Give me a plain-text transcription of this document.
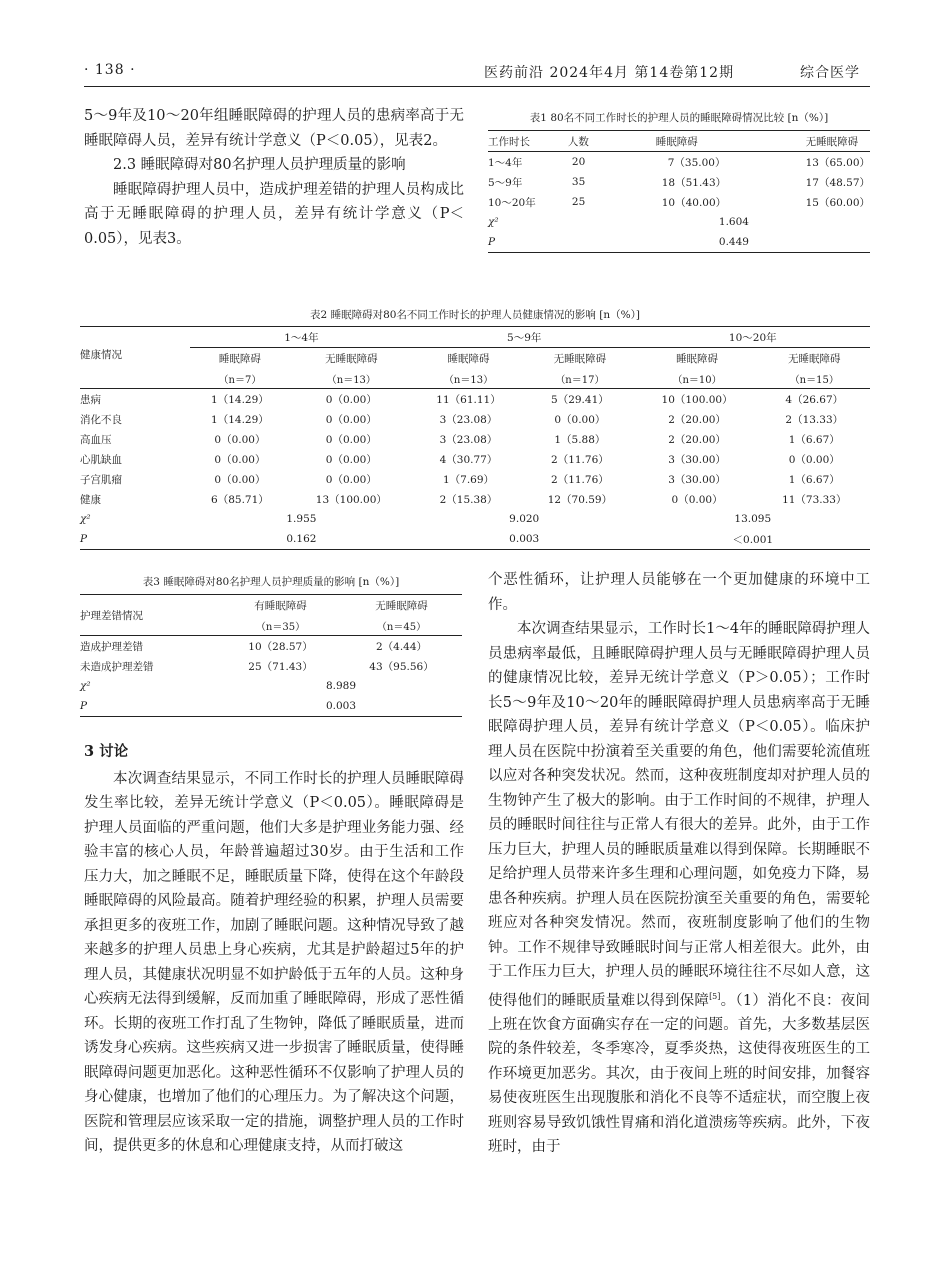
· 138 ·	医药前沿 2024年4月 第14卷第12期	综合医学

5～9年及10～20年组睡眠障碍的护理人员的患病率高于无睡眠障碍人员，差异有统计学意义（P＜0.05），见表2。

2.3 睡眠障碍对80名护理人员护理质量的影响

睡眠障碍护理人员中，造成护理差错的护理人员构成比高于无睡眠障碍的护理人员，差异有统计学意义（P＜0.05），见表3。

表1 80名不同工作时长的护理人员的睡眠障碍情况比较 [n（%）]
工作时长	人数	睡眠障碍	无睡眠障碍
1～4年	20	7（35.00）	13（65.00）
5～9年	35	18（51.43）	17（48.57）
10～20年	25	10（40.00）	15（60.00）
χ²	1.604		
P	0.449		
表2 睡眠障碍对80名不同工作时长的护理人员健康情况的影响 [n（%）]
健康情况	1～4年		5～9年		10～20年	
	睡眠障碍	无睡眠障碍	睡眠障碍	无睡眠障碍	睡眠障碍	无睡眠障碍
	（n＝7）	（n＝13）	（n＝13）	（n＝17）	（n＝10）	（n＝15）
患病	1（14.29）	0（0.00）	11（61.11）	5（29.41）	10（100.00）	4（26.67）
消化不良	1（14.29）	0（0.00）	3（23.08）	0（0.00）	2（20.00）	2（13.33）
高血压	0（0.00）	0（0.00）	3（23.08）	1（5.88）	2（20.00）	1（6.67）
心肌缺血	0（0.00）	0（0.00）	4（30.77）	2（11.76）	3（30.00）	0（0.00）
子宫肌瘤	0（0.00）	0（0.00）	1（7.69）	2（11.76）	3（30.00）	1（6.67）
健康	6（85.71）	13（100.00）	2（15.38）	12（70.59）	0（0.00）	11（73.33）
χ²	1.955		9.020		13.095	
P	0.162		0.003		＜0.001	
表3 睡眠障碍对80名护理人员护理质量的影响 [n（%）]
护理差错情况	有睡眠障碍	无睡眠障碍
	（n＝35）	（n＝45）
造成护理差错	10（28.57）	2（4.44）
未造成护理差错	25（71.43）	43（95.56）
χ²	8.989	
P	0.003	

3 讨论

本次调查结果显示，不同工作时长的护理人员睡眠障碍发生率比较，差异无统计学意义（P＜0.05）。睡眠障碍是护理人员面临的严重问题，他们大多是护理业务能力强、经验丰富的核心人员，年龄普遍超过30岁。由于生活和工作压力大，加之睡眠不足，睡眠质量下降，使得在这个年龄段睡眠障碍的风险最高。随着护理经验的积累，护理人员需要承担更多的夜班工作，加剧了睡眠问题。这种情况导致了越来越多的护理人员患上身心疾病，尤其是护龄超过5年的护理人员，其健康状况明显不如护龄低于五年的人员。这种身心疾病无法得到缓解，反而加重了睡眠障碍，形成了恶性循环。长期的夜班工作打乱了生物钟，降低了睡眠质量，进而诱发身心疾病。这些疾病又进一步损害了睡眠质量，使得睡眠障碍问题更加恶化。这种恶性循环不仅影响了护理人员的身心健康，也增加了他们的心理压力。为了解决这个问题，医院和管理层应该采取一定的措施，调整护理人员的工作时间，提供更多的休息和心理健康支持，从而打破这

个恶性循环，让护理人员能够在一个更加健康的环境中工作。

本次调查结果显示，工作时长1～4年的睡眠障碍护理人员患病率最低，且睡眠障碍护理人员与无睡眠障碍护理人员的健康情况比较，差异无统计学意义（P＞0.05）；工作时长5～9年及10～20年的睡眠障碍护理人员患病率高于无睡眠障碍护理人员，差异有统计学意义（P＜0.05）。临床护理人员在医院中扮演着至关重要的角色，他们需要轮流值班以应对各种突发状况。然而，这种夜班制度却对护理人员的生物钟产生了极大的影响。由于工作时间的不规律，护理人员的睡眠时间往往与正常人有很大的差异。此外，由于工作压力巨大，护理人员的睡眠质量难以得到保障。长期睡眠不足给护理人员带来许多生理和心理问题，如免疫力下降，易患各种疾病。护理人员在医院扮演至关重要的角色，需要轮班应对各种突发情况。然而，夜班制度影响了他们的生物钟。工作不规律导致睡眠时间与正常人相差很大。此外，由于工作压力巨大，护理人员的睡眠环境往往不尽如人意，这使得他们的睡眠质量难以得到保障[5]。（1）消化不良：夜间上班在饮食方面确实存在一定的问题。首先，大多数基层医院的条件较差，冬季寒冷，夏季炎热，这使得夜班医生的工作环境更加恶劣。其次，由于夜间上班的时间安排，加餐容易使夜班医生出现腹胀和消化不良等不适症状，而空腹上夜班则容易导致饥饿性胃痛和消化道溃疡等疾病。此外，下夜班时，由于
